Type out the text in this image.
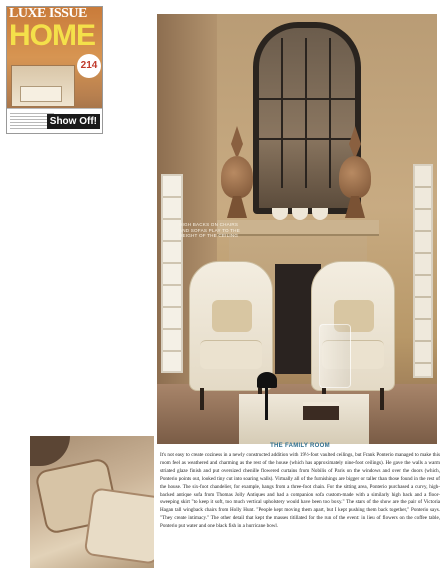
LUXE ISSUE
HOME
214
Show Off!
HIGH BACKS ON CHAIRS AND SOFAS PLAY TO THE HEIGHT OF THE CEILING
THE FAMILY ROOM

It's not easy to create coziness in a newly constructed addition with 19½-foot vaulted ceilings, but Frank Ponterio managed to make this room feel as weathered and charming as the rest of the house (which has approximately nine-foot ceilings). He gave the walls a warm striated glaze finish and put oversized chenille flowered curtains from Nobilis of Paris on the windows and over the doors (which, Ponterio points out, looked tiny cut into soaring walls). Virtually all of the furnishings are bigger or taller than those found in the rest of the house. The six-foot chandelier, for example, hangs from a three-foot chain. For the sitting area, Ponterio purchased a curvy, high-backed antique sofa from Thomas Jolly Antiques and had a companion sofa custom-made with a similarly high back and a floor-sweeping skirt "to keep it soft, too much vertical upholstery would have been too boxy." The stars of the show are the pair of Victoria Hagan tall wingback chairs from Holly Hunt. "People kept moving them apart, but I kept pushing them back together," Ponterio says. "They create intimacy." The other detail that kept the masses titillated for the run of the event: in lieu of flowers on the coffee table, Ponterio put water and one black fish in a hurricane bowl.
